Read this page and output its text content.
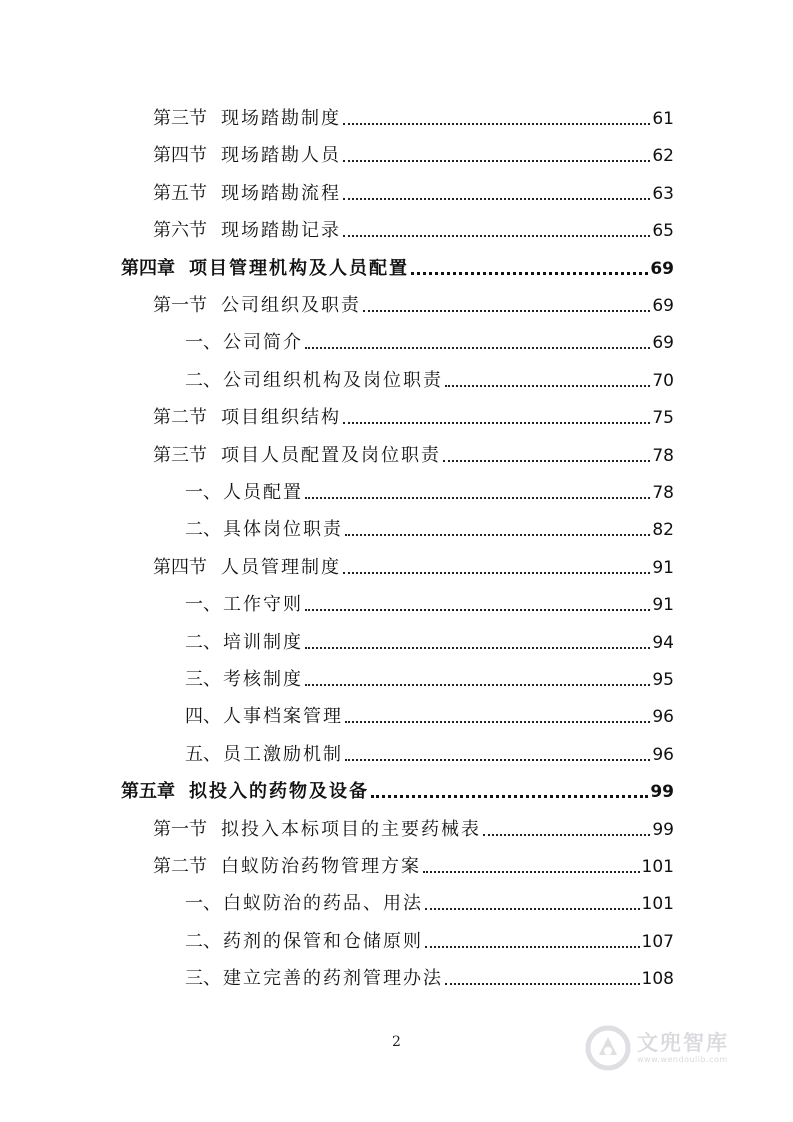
第三节 现场踏勘制度	61
第四节 现场踏勘人员	62
第五节 现场踏勘流程	63
第六节 现场踏勘记录	65
第四章 项目管理机构及人员配置	69
第一节 公司组织及职责	69
一、 公司简介	69
二、 公司组织机构及岗位职责	70
第二节 项目组织结构	75
第三节 项目人员配置及岗位职责	78
一、 人员配置	78
二、 具体岗位职责	82
第四节 人员管理制度	91
一、 工作守则	91
二、 培训制度	94
三、 考核制度	95
四、 人事档案管理	96
五、 员工激励机制	96
第五章 拟投入的药物及设备	99
第一节 拟投入本标项目的主要药械表	99
第二节 白蚁防治药物管理方案	101
一、 白蚁防治的药品、用法	101
二、 药剂的保管和仓储原则	107
三、 建立完善的药剂管理办法	108
2	文兜智库
www.wendoulib.com
